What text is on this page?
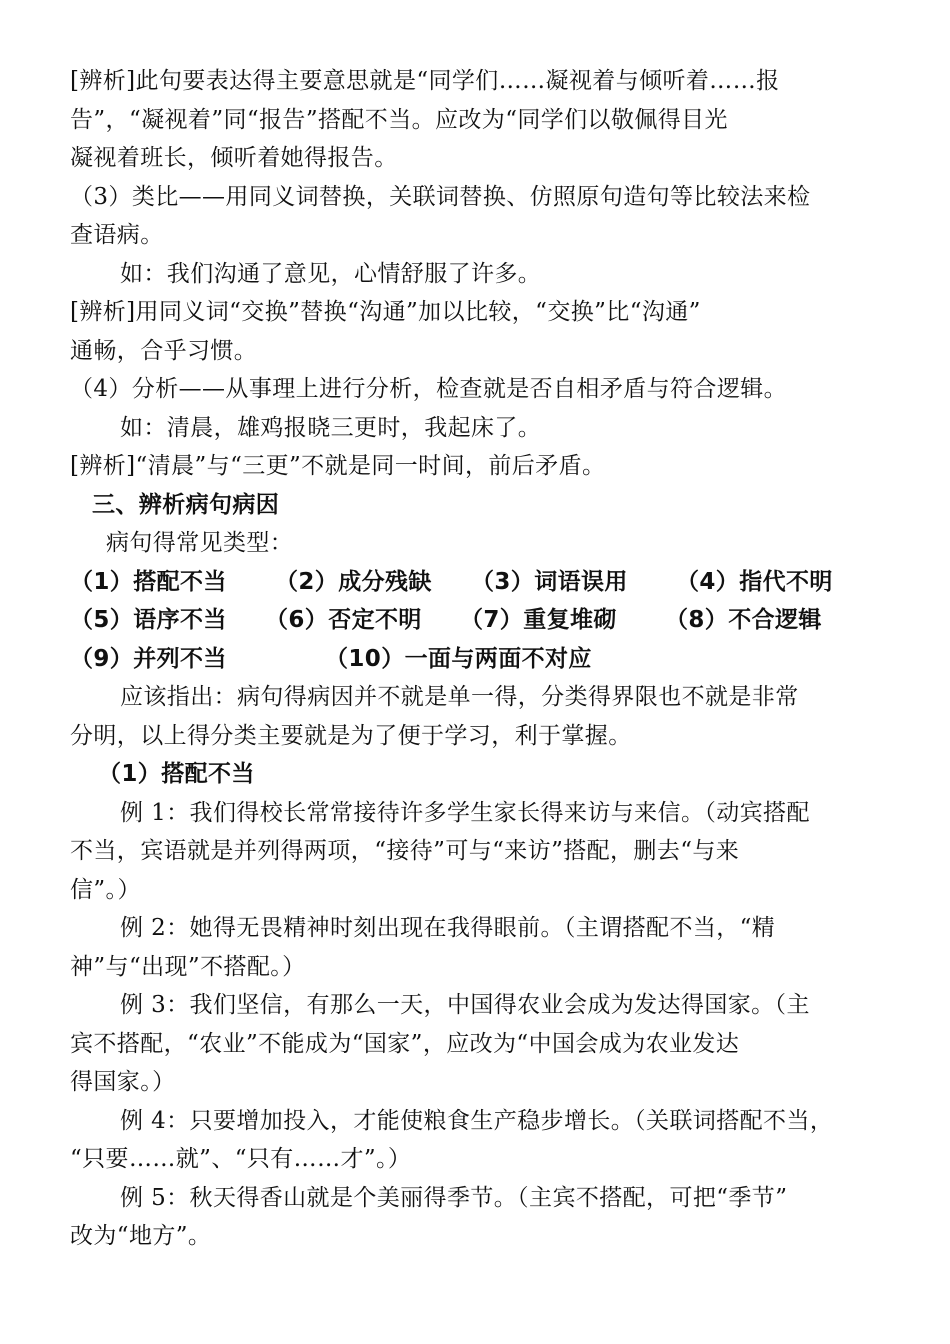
[辨析]此句要表达得主要意思就是“同学们……凝视着与倾听着……报
告”，“凝视着”同“报告”搭配不当。应改为“同学们以敬佩得目光
凝视着班长，倾听着她得报告。
（3）类比——用同义词替换，关联词替换、仿照原句造句等比较法来检
查语病。
如：我们沟通了意见，心情舒服了许多。
[辨析]用同义词“交换”替换“沟通”加以比较，“交换”比“沟通”
通畅，合乎习惯。
（4）分析——从事理上进行分析，检查就是否自相矛盾与符合逻辑。
如：清晨，雄鸡报晓三更时，我起床了。
[辨析]“清晨”与“三更”不就是同一时间，前后矛盾。
三、辨析病句病因
病句得常见类型：
（1）搭配不当	（2）成分残缺	（3）词语误用	（4）指代不明
（5）语序不当	（6）否定不明	（7）重复堆砌	（8）不合逻辑
（9）并列不当	（10）一面与两面不对应
应该指出：病句得病因并不就是单一得，分类得界限也不就是非常
分明，以上得分类主要就是为了便于学习，利于掌握。
（1）搭配不当
例 1：我们得校长常常接待许多学生家长得来访与来信。（动宾搭配
不当，宾语就是并列得两项，“接待”可与“来访”搭配，删去“与来
信”。）
例 2：她得无畏精神时刻出现在我得眼前。（主谓搭配不当，“精
神”与“出现”不搭配。）
例 3：我们坚信，有那么一天，中国得农业会成为发达得国家。（主
宾不搭配，“农业”不能成为“国家”，应改为“中国会成为农业发达
得国家。）
例 4：只要增加投入，才能使粮食生产稳步增长。（关联词搭配不当，
“只要……就”、“只有……才”。）
例 5：秋天得香山就是个美丽得季节。（主宾不搭配，可把“季节”
改为“地方”。
